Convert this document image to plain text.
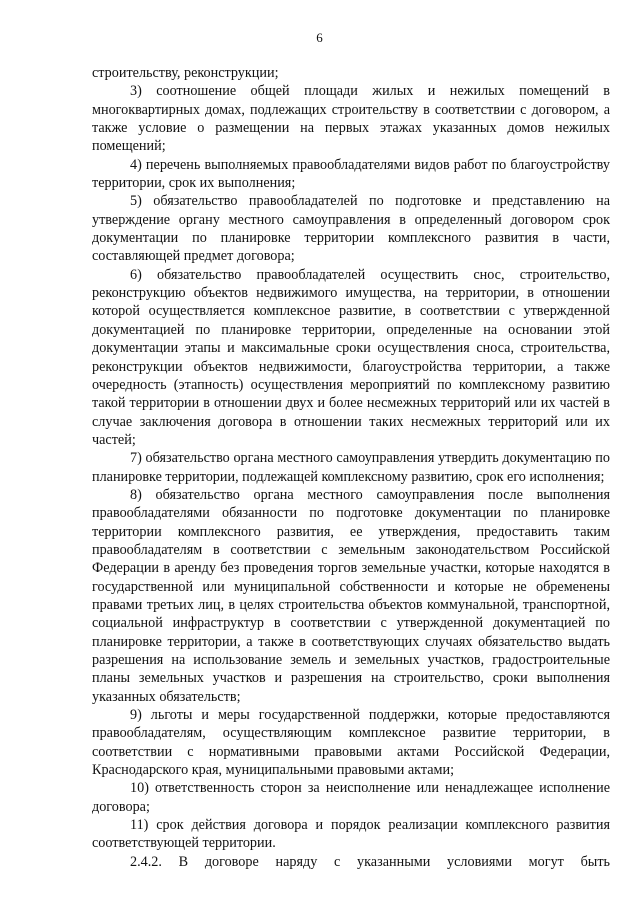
6

строительству, реконструкции;

3) соотношение общей площади жилых и нежилых помещений в многоквартирных домах, подлежащих строительству в соответствии с договором, а также условие о размещении на первых этажах указанных домов нежилых помещений;

4) перечень выполняемых правообладателями видов работ по благоустройству территории, срок их выполнения;

5) обязательство правообладателей по подготовке и представлению на утверждение органу местного самоуправления в определенный договором срок документации по планировке территории комплексного развития в части, составляющей предмет договора;

6) обязательство правообладателей осуществить снос, строительство, реконструкцию объектов недвижимого имущества, на территории, в отношении которой осуществляется комплексное развитие, в соответствии с утвержденной документацией по планировке территории, определенные на основании этой документации этапы и максимальные сроки осуществления сноса, строительства, реконструкции объектов недвижимости, благоустройства территории, а также очередность (этапность) осуществления мероприятий по комплексному развитию такой территории в отношении двух и более несмежных территорий или их частей в случае заключения договора в отношении таких несмежных территорий или их частей;

7) обязательство органа местного самоуправления утвердить документацию по планировке территории, подлежащей комплексному развитию, срок его исполнения;

8) обязательство органа местного самоуправления после выполнения правообладателями обязанности по подготовке документации по планировке территории комплексного развития, ее утверждения, предоставить таким правообладателям в соответствии с земельным законодательством Российской Федерации в аренду без проведения торгов земельные участки, которые находятся в государственной или муниципальной собственности и которые не обременены правами третьих лиц, в целях строительства объектов коммунальной, транспортной, социальной инфраструктур в соответствии с утвержденной документацией по планировке территории, а также в соответствующих случаях обязательство выдать разрешения на использование земель и земельных участков, градостроительные планы земельных участков и разрешения на строительство, сроки выполнения указанных обязательств;

9) льготы и меры государственной поддержки, которые предоставляются правообладателям, осуществляющим комплексное развитие территории, в соответствии с нормативными правовыми актами Российской Федерации, Краснодарского края, муниципальными правовыми актами;

10) ответственность сторон за неисполнение или ненадлежащее исполнение договора;

11) срок действия договора и порядок реализации комплексного развития соответствующей территории.

2.4.2. В договоре наряду с указанными условиями могут быть
